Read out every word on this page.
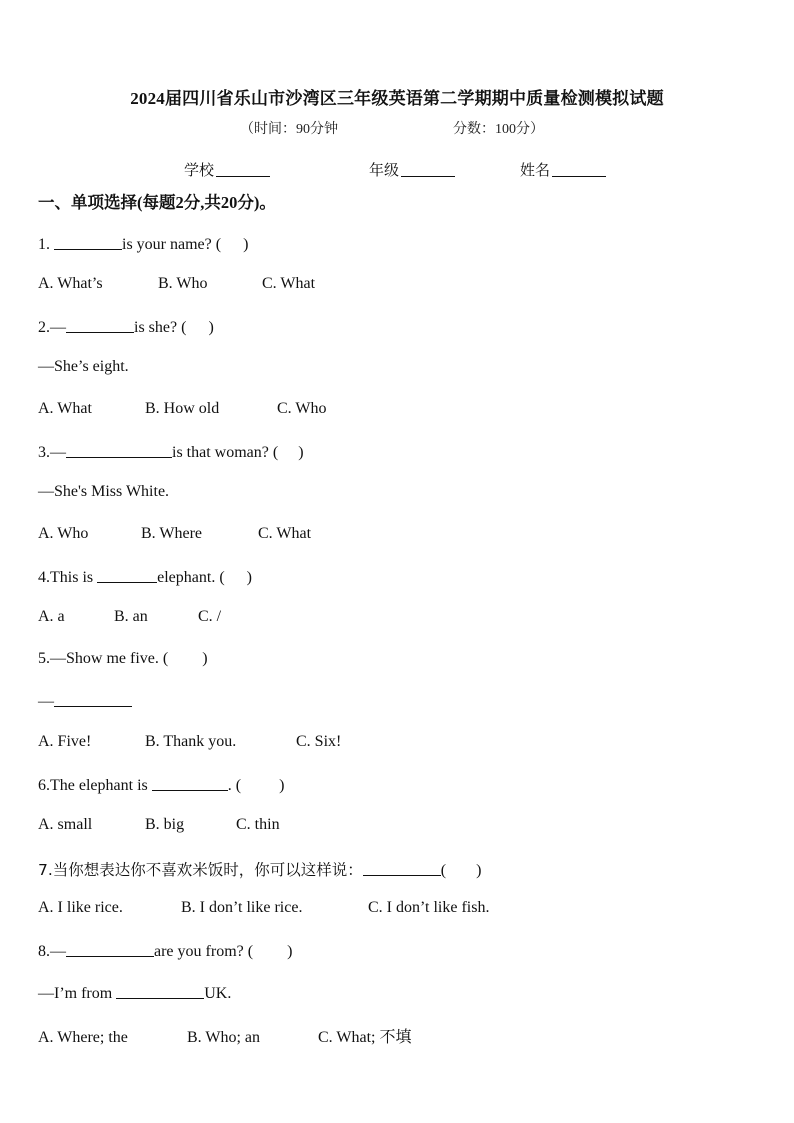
2024届四川省乐山市沙湾区三年级英语第二学期期中质量检测模拟试题
（时间：90分钟	分数：100分）
学校	年级	姓名
一、单项选择(每题2分,共20分)。
1.	is your name? ( )
A. What’s	B. Who	C. What
2.—	is she? ( )
—She’s eight.
A. What	B. How old	C. Who
3.—	is that woman? ( )
—She's Miss White.
A. Who	B. Where	C. What
4.This is	elephant. ( )
A. a	B. an	C. /
5.—Show me five. ( )
—
A. Five!	B. Thank you.	C. Six!
6.The elephant is	. ( )
A. small	B. big	C. thin
7.当你想表达你不喜欢米饭时，你可以这样说：	( )
A. I like rice.	B. I don’t like rice.	C. I don’t like fish.
8.—	are you from? ( )
—I’m from	UK.
A. Where; the	B. Who; an	C. What; 不填
